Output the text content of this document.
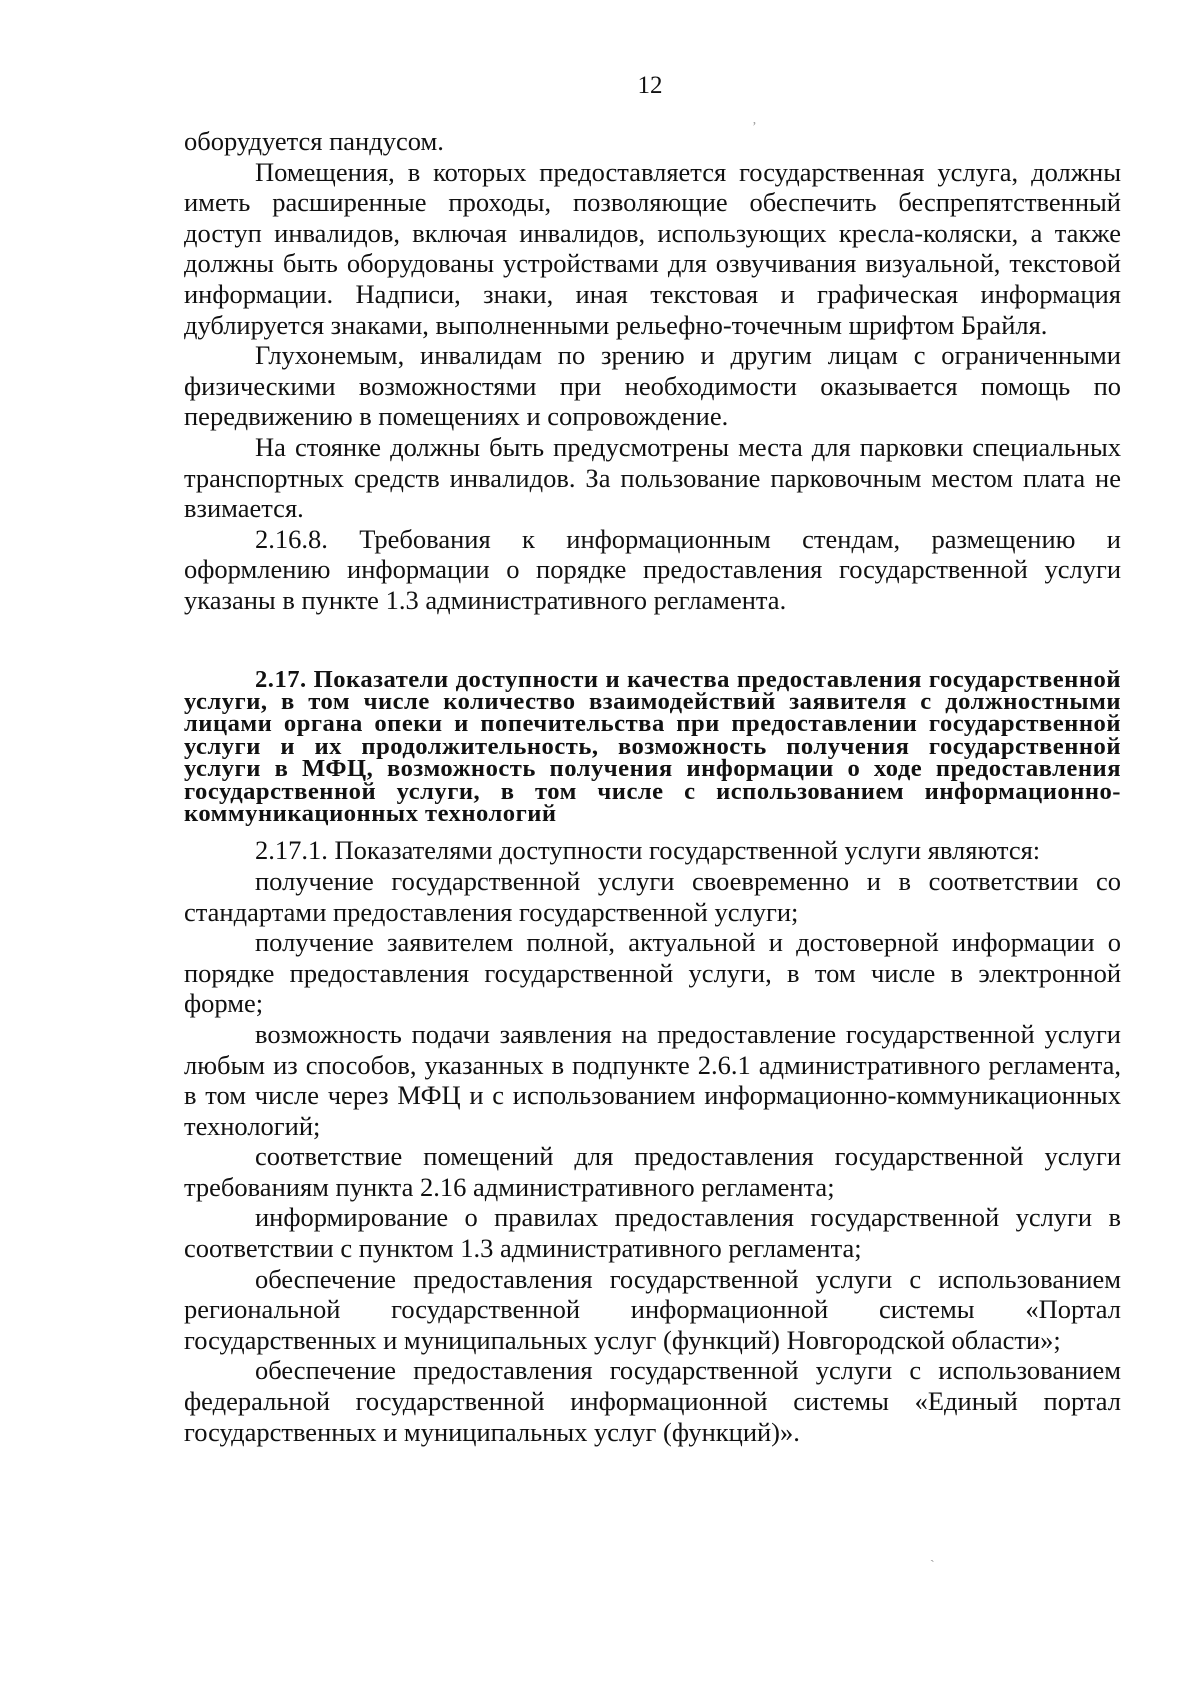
12

оборудуется пандусом.

Помещения, в которых предоставляется государственная услуга, должны иметь расширенные проходы, позволяющие обеспечить беспрепятственный доступ инвалидов, включая инвалидов, использующих кресла-коляски, а также должны быть оборудованы устройствами для озвучивания визуальной, текстовой информации. Надписи, знаки, иная текстовая и графическая информация дублируется знаками, выполненными рельефно-точечным шрифтом Брайля.

Глухонемым, инвалидам по зрению и другим лицам с ограниченными физическими возможностями при необходимости оказывается помощь по передвижению в помещениях и сопровождение.

На стоянке должны быть предусмотрены места для парковки специальных транспортных средств инвалидов. За пользование парковочным местом плата не взимается.

2.16.8. Требования к информационным стендам, размещению и оформлению информации о порядке предоставления государственной услуги указаны в пункте 1.3 административного регламента.

2.17. Показатели доступности и качества предоставления государственной услуги, в том числе количество взаимодействий заявителя с должностными лицами органа опеки и попечительства при предоставлении государственной услуги и их продолжительность, возможность получения государственной услуги в МФЦ, возможность получения информации о ходе предоставления государственной услуги, в том числе с использованием информационно-коммуникационных технологий

2.17.1. Показателями доступности государственной услуги являются:

получение государственной услуги своевременно и в соответствии со стандартами предоставления государственной услуги;

получение заявителем полной, актуальной и достоверной информации о порядке предоставления государственной услуги, в том числе в электронной форме;

возможность подачи заявления на предоставление государственной услуги любым из способов, указанных в подпункте 2.6.1 административного регламента, в том числе через МФЦ и с использованием информационно-коммуникационных технологий;

соответствие помещений для предоставления государственной услуги требованиям пункта 2.16 административного регламента;

информирование о правилах предоставления государственной услуги в соответствии с пунктом 1.3 административного регламента;

обеспечение предоставления государственной услуги с использованием региональной государственной информационной системы «Портал государственных и муниципальных услуг (функций) Новгородской области»;

обеспечение предоставления государственной услуги с использованием федеральной государственной информационной системы «Единый портал государственных и муниципальных услуг (функций)».

ʼ
ˏ
